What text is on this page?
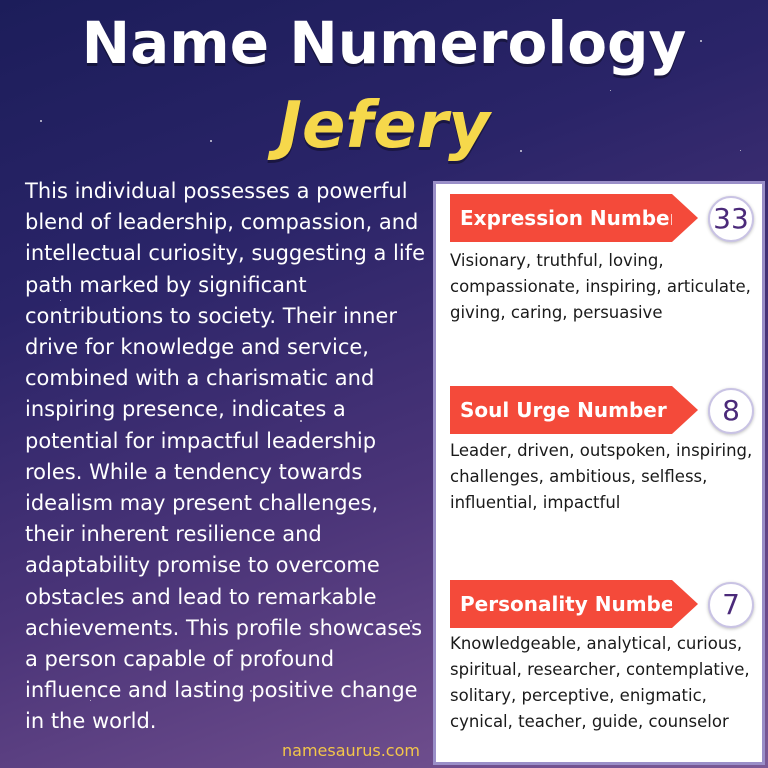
Name Numerology
Jefery
This individual possesses a powerful blend of leadership, compassion, and intellectual curiosity, suggesting a life path marked by significant contributions to society. Their inner drive for knowledge and service, combined with a charismatic and inspiring presence, indicates a potential for impactful leadership roles. While a tendency towards idealism may present challenges, their inherent resilience and adaptability promise to overcome obstacles and lead to remarkable achievements. This profile showcases a person capable of profound influence and lasting positive change in the world.
namesaurus.com
Expression Number 33
Visionary, truthful, loving, compassionate, inspiring, articulate, giving, caring, persuasive
Soul Urge Number	8
Leader, driven, outspoken, inspiring, challenges, ambitious, selfless, influential, impactful
Personality Number	7
Knowledgeable, analytical, curious, spiritual, researcher, contemplative, solitary, perceptive, enigmatic, cynical, teacher, guide, counselor
